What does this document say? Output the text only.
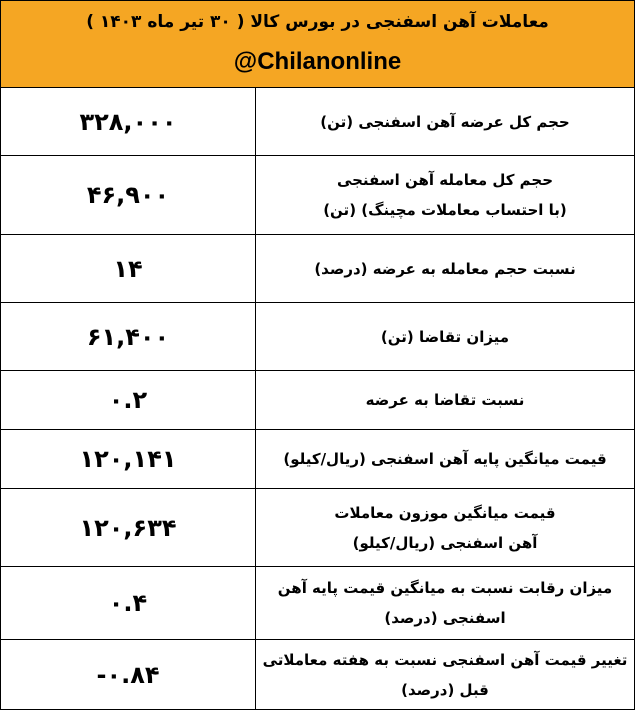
معاملات آهن اسفنجی در بورس کالا ( ۳۰ تیر ماه ۱۴۰۳ )
@Chilanonline
حجم کل عرضه آهن اسفنجی (تن)
۳۲۸,۰۰۰
حجم کل معامله آهن اسفنجی
(با احتساب معاملات مچینگ) (تن)
۴۶,۹۰۰
نسبت حجم معامله به عرضه (درصد)
۱۴
میزان تقاضا (تن)
۶۱,۴۰۰
نسبت تقاضا به عرضه
۰.۲
قیمت میانگین پایه آهن اسفنجی (ریال/کیلو)
۱۲۰,۱۴۱
قیمت میانگین موزون معاملات
آهن اسفنجی (ریال/کیلو)
۱۲۰,۶۳۴
میزان رقابت نسبت به میانگین قیمت پایه آهن
اسفنجی (درصد)
۰.۴
تغییر قیمت آهن اسفنجی نسبت به هفته معاملاتی
قبل (درصد)
-۰.۸۴
